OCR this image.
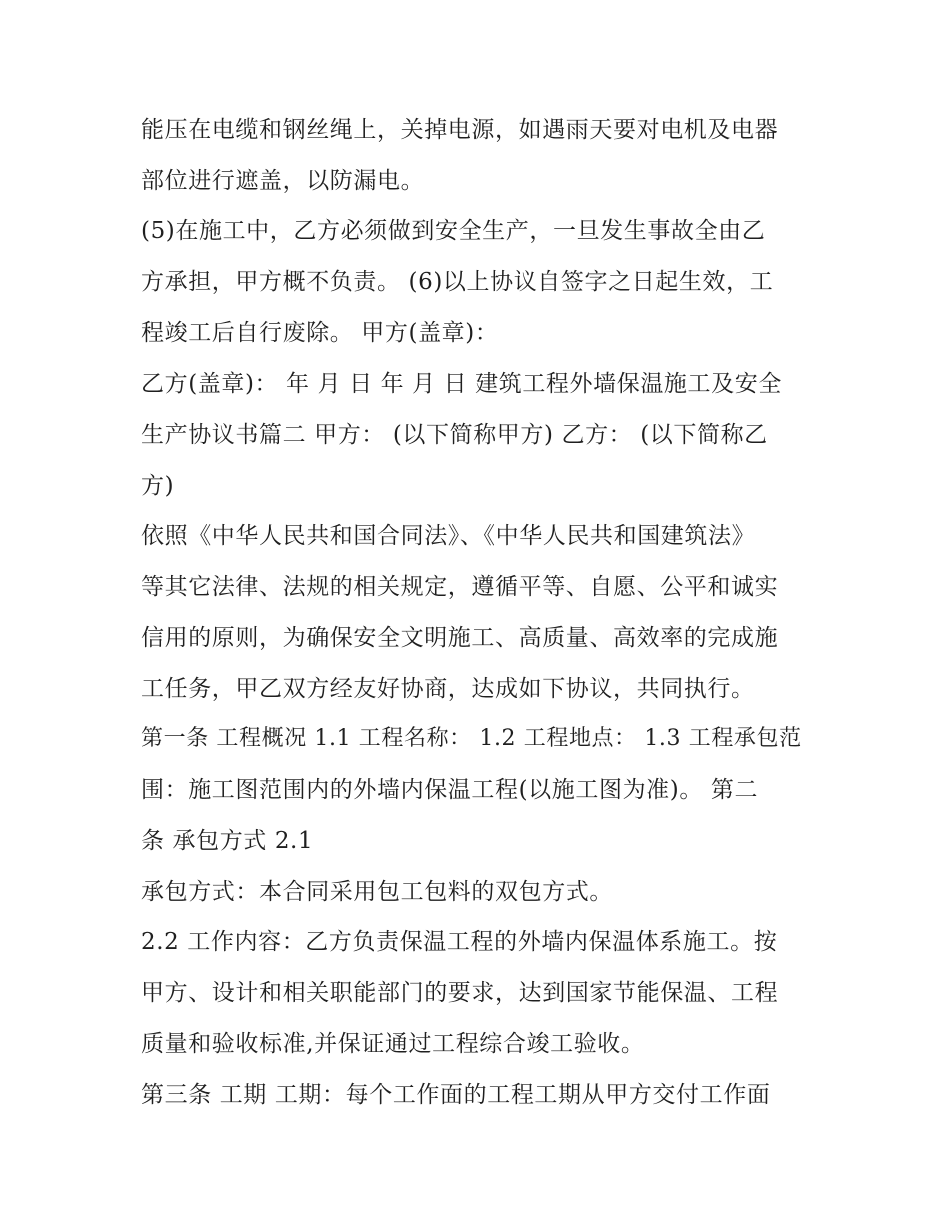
能压在电缆和钢丝绳上，关掉电源，如遇雨天要对电机及电器
部位进行遮盖，以防漏电。
(5)在施工中，乙方必须做到安全生产，一旦发生事故全由乙
方承担，甲方概不负责。 (6)以上协议自签字之日起生效，工
程竣工后自行废除。 甲方(盖章)：
乙方(盖章)： 年 月 日 年 月 日 建筑工程外墙保温施工及安全
生产协议书篇二 甲方： (以下简称甲方) 乙方： (以下简称乙
方)
依照《中华人民共和国合同法》、《中华人民共和国建筑法》
等其它法律、法规的相关规定，遵循平等、自愿、公平和诚实
信用的原则，为确保安全文明施工、高质量、高效率的完成施
工任务，甲乙双方经友好协商，达成如下协议，共同执行。
第一条 工程概况 1.1 工程名称： 1.2 工程地点： 1.3 工程承包范
围：施工图范围内的外墙内保温工程(以施工图为准)。 第二
条 承包方式 2.1
承包方式：本合同采用包工包料的双包方式。
2.2 工作内容：乙方负责保温工程的外墙内保温体系施工。按
甲方、设计和相关职能部门的要求，达到国家节能保温、工程
质量和验收标准,并保证通过工程综合竣工验收。
第三条 工期 工期：每个工作面的工程工期从甲方交付工作面
